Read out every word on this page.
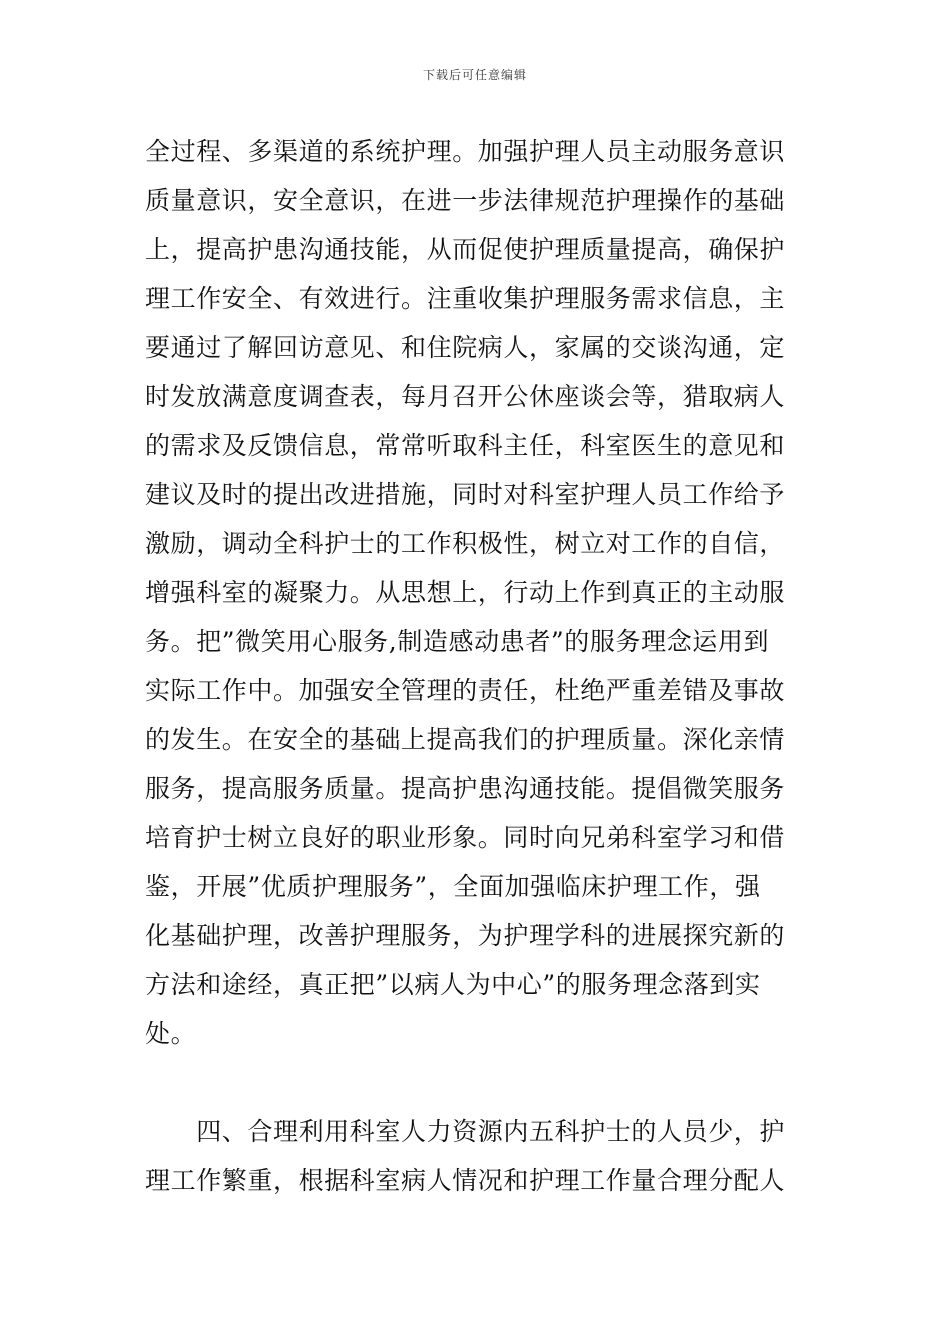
下载后可任意编辑
全过程、多渠道的系统护理。加强护理人员主动服务意识
质量意识，安全意识，在进一步法律规范护理操作的基础
上，提高护患沟通技能，从而促使护理质量提高，确保护
理工作安全、有效进行。注重收集护理服务需求信息，主
要通过了解回访意见、和住院病人，家属的交谈沟通，定
时发放满意度调查表，每月召开公休座谈会等，猎取病人
的需求及反馈信息，常常听取科主任，科室医生的意见和
建议及时的提出改进措施，同时对科室护理人员工作给予
激励，调动全科护士的工作积极性，树立对工作的自信，
增强科室的凝聚力。从思想上，行动上作到真正的主动服
务。把”微笑用心服务,制造感动患者”的服务理念运用到
实际工作中。加强安全管理的责任，杜绝严重差错及事故
的发生。在安全的基础上提高我们的护理质量。深化亲情
服务，提高服务质量。提高护患沟通技能。提倡微笑服务
培育护士树立良好的职业形象。同时向兄弟科室学习和借
鉴，开展”优质护理服务”，全面加强临床护理工作，强
化基础护理，改善护理服务，为护理学科的进展探究新的
方法和途经，真正把”以病人为中心”的服务理念落到实
处。
　　四、合理利用科室人力资源内五科护士的人员少，护
理工作繁重，根据科室病人情况和护理工作量合理分配人
